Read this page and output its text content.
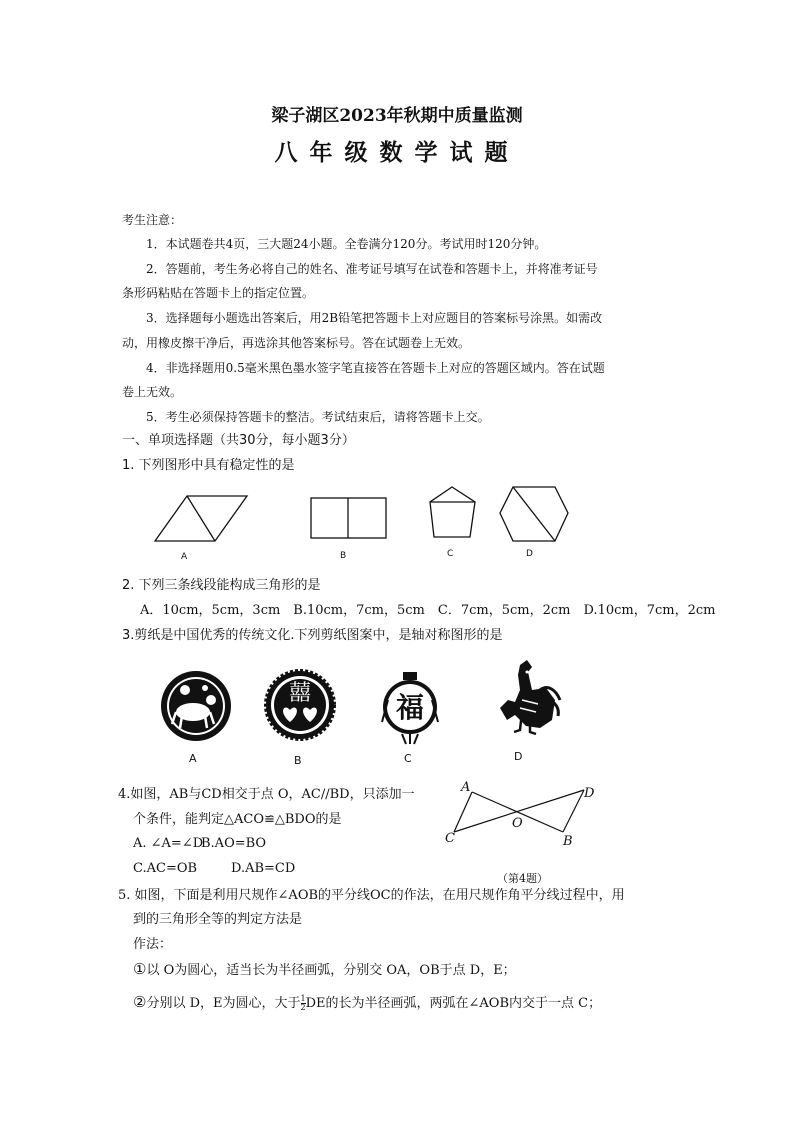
梁子湖区2023年秋期中质量监测
八年级数学试题
考生注意：
1．本试题卷共4页，三大题24小题。全卷满分120分。考试用时120分钟。
2．答题前，考生务必将自己的姓名、准考证号填写在试卷和答题卡上，并将准考证号
条形码粘贴在答题卡上的指定位置。
3．选择题每小题选出答案后，用2B铅笔把答题卡上对应题目的答案标号涂黑。如需改
动，用橡皮擦干净后，再选涂其他答案标号。答在试题卷上无效。
4．非选择题用0.5毫米黑色墨水签字笔直接答在答题卡上对应的答题区域内。答在试题
卷上无效。
5．考生必须保持答题卡的整洁。考试结束后，请将答题卡上交。
一、单项选择题（共30分，每小题3分）
1. 下列图形中具有稳定性的是
A	B	C	D
2. 下列三条线段能构成三角形的是
A．10cm，5cm，3cm　B.10cm，7cm，5cm　C．7cm，5cm，2cm　D.10cm，7cm，2cm
3.剪纸是中国优秀的传统文化.下列剪纸图案中，是轴对称图形的是
囍	福
A	B	C	D
4.如图，AB与CD相交于点 O，AC//BD，只添加一
个条件，能判定△ACO≌△BDO的是
A. ∠A=∠D
B.AO=BO
C.AC=OB	D.AB=CD
A	D
C	B
O
（第4题）
5. 如图，下面是利用尺规作∠AOB的平分线OC的作法，在用尺规作角平分线过程中，用
到的三角形全等的判定方法是
作法：
①以 O为圆心，适当长为半径画弧，分别交 OA，OB于点 D，E；
②分别以 D，E为圆心，大于 $\frac{1}{2}$ DE的长为半径画弧，两弧在∠AOB内交于一点 C；
